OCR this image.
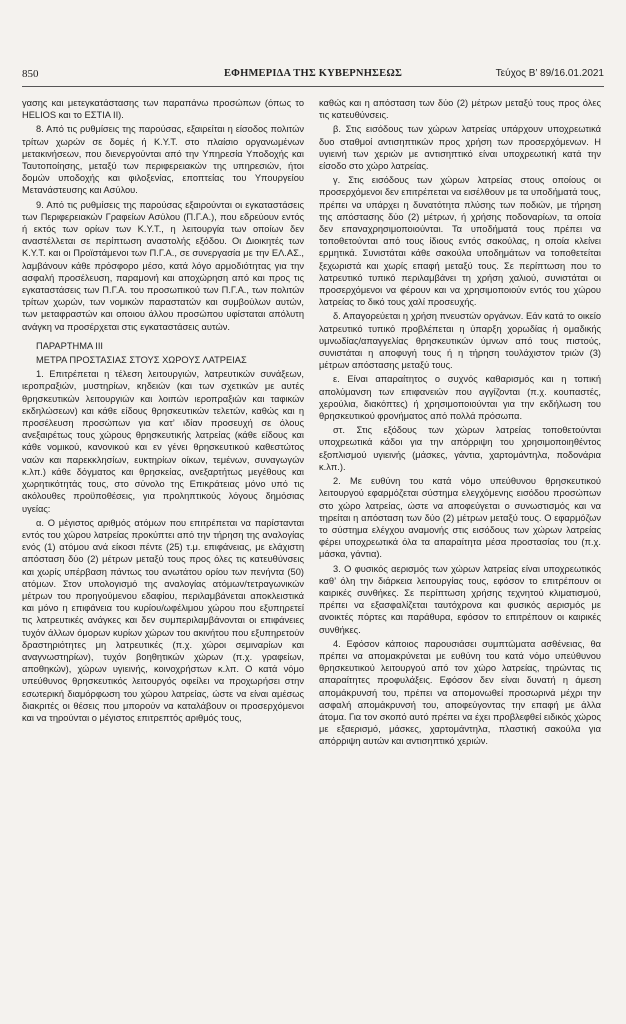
850	ΕΦΗΜΕΡΙΔΑ ΤΗΣ ΚΥΒΕΡΝΗΣΕΩΣ	Τεύχος Β’ 89/16.01.2021

γασης και μετεγκατάστασης των παραπάνω προσώπων (όπως το HELIOS και το ΕΣΤΙΑ ΙΙ).

8. Από τις ρυθμίσεις της παρούσας, εξαιρείται η είσοδος πολιτών τρίτων χωρών σε δομές ή Κ.Υ.Τ. στο πλαίσιο οργανωμένων μετακινήσεων, που διενεργούνται από την Υπηρεσία Υποδοχής και Ταυτοποίησης, μεταξύ των περιφερειακών της υπηρεσιών, ήτοι δομών υποδοχής και φιλοξενίας, εποπτείας του Υπουργείου Μετανάστευσης και Ασύλου.

9. Από τις ρυθμίσεις της παρούσας εξαιρούνται οι εγκαταστάσεις των Περιφερειακών Γραφείων Ασύλου (Π.Γ.Α.), που εδρεύουν εντός ή εκτός των ορίων των Κ.Υ.Τ., η λειτουργία των οποίων δεν αναστέλλεται σε περίπτωση αναστολής εξόδου. Οι Διοικητές των Κ.Υ.Τ. και οι Προϊστάμενοι των Π.Γ.Α., σε συνεργασία με την ΕΛ.ΑΣ., λαμβάνουν κάθε πρόσφορο μέσο, κατά λόγο αρμοδιότητας για την ασφαλή προσέλευση, παραμονή και αποχώρηση από και προς τις εγκαταστάσεις των Π.Γ.Α. του προσωπικού των Π.Γ.Α., των πολιτών τρίτων χωρών, των νομικών παραστατών και συμβούλων αυτών, των μεταφραστών και οποιου άλλου προσώπου υφίσταται απόλυτη ανάγκη να προσέρχεται στις εγκαταστάσεις αυτών.

ΠΑΡΑΡΤΗΜΑ ΙΙΙ
ΜΕΤΡΑ ΠΡΟΣΤΑΣΙΑΣ ΣΤΟΥΣ ΧΩΡΟΥΣ ΛΑΤΡΕΙΑΣ

1. Επιτρέπεται η τέλεση λειτουργιών, λατρευτικών συνάξεων, ιεροπραξιών, μυστηρίων, κηδειών (και των σχετικών με αυτές θρησκευτικών λειτουργιών και λοιπών ιεροπραξιών και ταφικών εκδηλώσεων) και κάθε είδους θρησκευτικών τελετών, καθώς και η προσέλευση προσώπων για κατ’ ιδίαν προσευχή σε όλους ανεξαιρέτως τους χώρους θρησκευτικής λατρείας (κάθε είδους και κάθε νομικού, κανονικού και εν γένει θρησκευτικού καθεστώτος ναών και παρεκκλησίων, ευκτηρίων οίκων, τεμένων, συναγωγών κ.λπ.) κάθε δόγματος και θρησκείας, ανεξαρτήτως μεγέθους και χωρητικότητάς τους, στο σύνολο της Επικράτειας μόνο υπό τις ακόλουθες προϋποθέσεις, για προληπτικούς λόγους δημόσιας υγείας:

α. Ο μέγιστος αριθμός ατόμων που επιτρέπεται να παρίστανται εντός του χώρου λατρείας προκύπτει από την τήρηση της αναλογίας ενός (1) ατόμου ανά είκοσι πέντε (25) τ.μ. επιφάνειας, με ελάχιστη απόσταση δύο (2) μέτρων μεταξύ τους προς όλες τις κατευθύνσεις και χωρίς υπέρβαση πάντως του ανωτάτου ορίου των πενήντα (50) ατόμων. Στον υπολογισμό της αναλογίας ατόμων/τετραγωνικών μέτρων του προηγούμενου εδαφίου, περιλαμβάνεται αποκλειστικά και μόνο η επιφάνεια του κυρίου/ωφέλιμου χώρου που εξυπηρετεί τις λατρευτικές ανάγκες και δεν συμπεριλαμβάνονται οι επιφάνειες τυχόν άλλων όμορων κυρίων χώρων του ακινήτου που εξυπηρετούν δραστηριότητες μη λατρευτικές (π.χ. χώροι σεμιναρίων και αναγνωστηρίων), τυχόν βοηθητικών χώρων (π.χ. γραφείων, αποθηκών), χώρων υγιεινής, κοινοχρήστων κ.λπ. Ο κατά νόμο υπεύθυνος θρησκευτικός λειτουργός οφείλει να προχωρήσει στην εσωτερική διαμόρφωση του χώρου λατρείας, ώστε να είναι αμέσως διακριτές οι θέσεις που μπορούν να καταλάβουν οι προσερχόμενοι και να τηρούνται ο μέγιστος επιτρεπτός αριθμός τους,

καθώς και η απόσταση των δύο (2) μέτρων μεταξύ τους προς όλες τις κατευθύνσεις.

β. Στις εισόδους των χώρων λατρείας υπάρχουν υποχρεωτικά δυο σταθμοί αντισηπτικών προς χρήση των προσερχόμενων. Η υγιεινή των χεριών με αντισηπτικό είναι υποχρεωτική κατά την είσοδο στο χώρο λατρείας.

γ. Στις εισόδους των χώρων λατρείας στους οποίους οι προσερχόμενοι δεν επιτρέπεται να εισέλθουν με τα υποδήματά τους, πρέπει να υπάρχει η δυνατότητα πλύσης των ποδιών, με τήρηση της απόστασης δύο (2) μέτρων, ή χρήσης ποδοναρίων, τα οποία δεν επαναχρησιμοποιούνται. Τα υποδήματά τους πρέπει να τοποθετούνται από τους ίδιους εντός σακούλας, η οποία κλείνει ερμητικά. Συνιστάται κάθε σακούλα υποδημάτων να τοποθετείται ξεχωριστά και χωρίς επαφή μεταξύ τους. Σε περίπτωση που το λατρευτικό τυπικό περιλαμβάνει τη χρήση χαλιού, συνιστάται οι προσερχόμενοι να φέρουν και να χρησιμοποιούν εντός του χώρου λατρείας το δικό τους χαλί προσευχής.

δ. Απαγορεύεται η χρήση πνευστών οργάνων. Εάν κατά το οικείο λατρευτικό τυπικό προβλέπεται η ύπαρξη χορωδίας ή ομαδικής υμνωδίας/απαγγελίας θρησκευτικών ύμνων από τους πιστούς, συνιστάται η αποφυγή τους ή η τήρηση τουλάχιστον τριών (3) μέτρων απόστασης μεταξύ τους.

ε. Είναι απαραίτητος ο συχνός καθαρισμός και η τοπική απολύμανση των επιφανειών που αγγίζονται (π.χ. κουπαστές, χερούλια, διακόπτες) ή χρησιμοποιούνται για την εκδήλωση του θρησκευτικού φρονήματος από πολλά πρόσωπα.

στ. Στις εξόδους των χώρων λατρείας τοποθετούνται υποχρεωτικά κάδοι για την απόρριψη του χρησιμοποιηθέντος εξοπλισμού υγιεινής (μάσκες, γάντια, χαρτομάντηλα, ποδονάρια κ.λπ.).

2. Με ευθύνη του κατά νόμο υπεύθυνου θρησκευτικού λειτουργού εφαρμόζεται σύστημα ελεγχόμενης εισόδου προσώπων στο χώρο λατρείας, ώστε να αποφεύγεται ο συνωστισμός και να τηρείται η απόσταση των δύο (2) μέτρων μεταξύ τους. Ο εφαρμόζων το σύστημα ελέγχου αναμονής στις εισόδους των χώρων λατρείας φέρει υποχρεωτικά όλα τα απαραίτητα μέσα προστασίας του (π.χ. μάσκα, γάντια).

3. Ο φυσικός αερισμός των χώρων λατρείας είναι υποχρεωτικός καθ’ όλη την διάρκεια λειτουργίας τους, εφόσον το επιτρέπουν οι καιρικές συνθήκες. Σε περίπτωση χρήσης τεχνητού κλιματισμού, πρέπει να εξασφαλίζεται ταυτόχρονα και φυσικός αερισμός με ανοικτές πόρτες και παράθυρα, εφόσον το επιτρέπουν οι καιρικές συνθήκες.

4. Εφόσον κάποιος παρουσιάσει συμπτώματα ασθένειας, θα πρέπει να απομακρύνεται με ευθύνη του κατά νόμο υπεύθυνου θρησκευτικού λειτουργού από τον χώρο λατρείας, τηρώντας τις απαραίτητες προφυλάξεις. Εφόσον δεν είναι δυνατή η άμεση απομάκρυνσή του, πρέπει να απομονωθεί προσωρινά μέχρι την ασφαλή απομάκρυνσή του, αποφεύγοντας την επαφή με άλλα άτομα. Για τον σκοπό αυτό πρέπει να έχει προβλεφθεί ειδικός χώρος με εξαερισμό, μάσκες, χαρτομάντηλα, πλαστική σακούλα για απόρριψη αυτών και αντισηπτικό χεριών.
